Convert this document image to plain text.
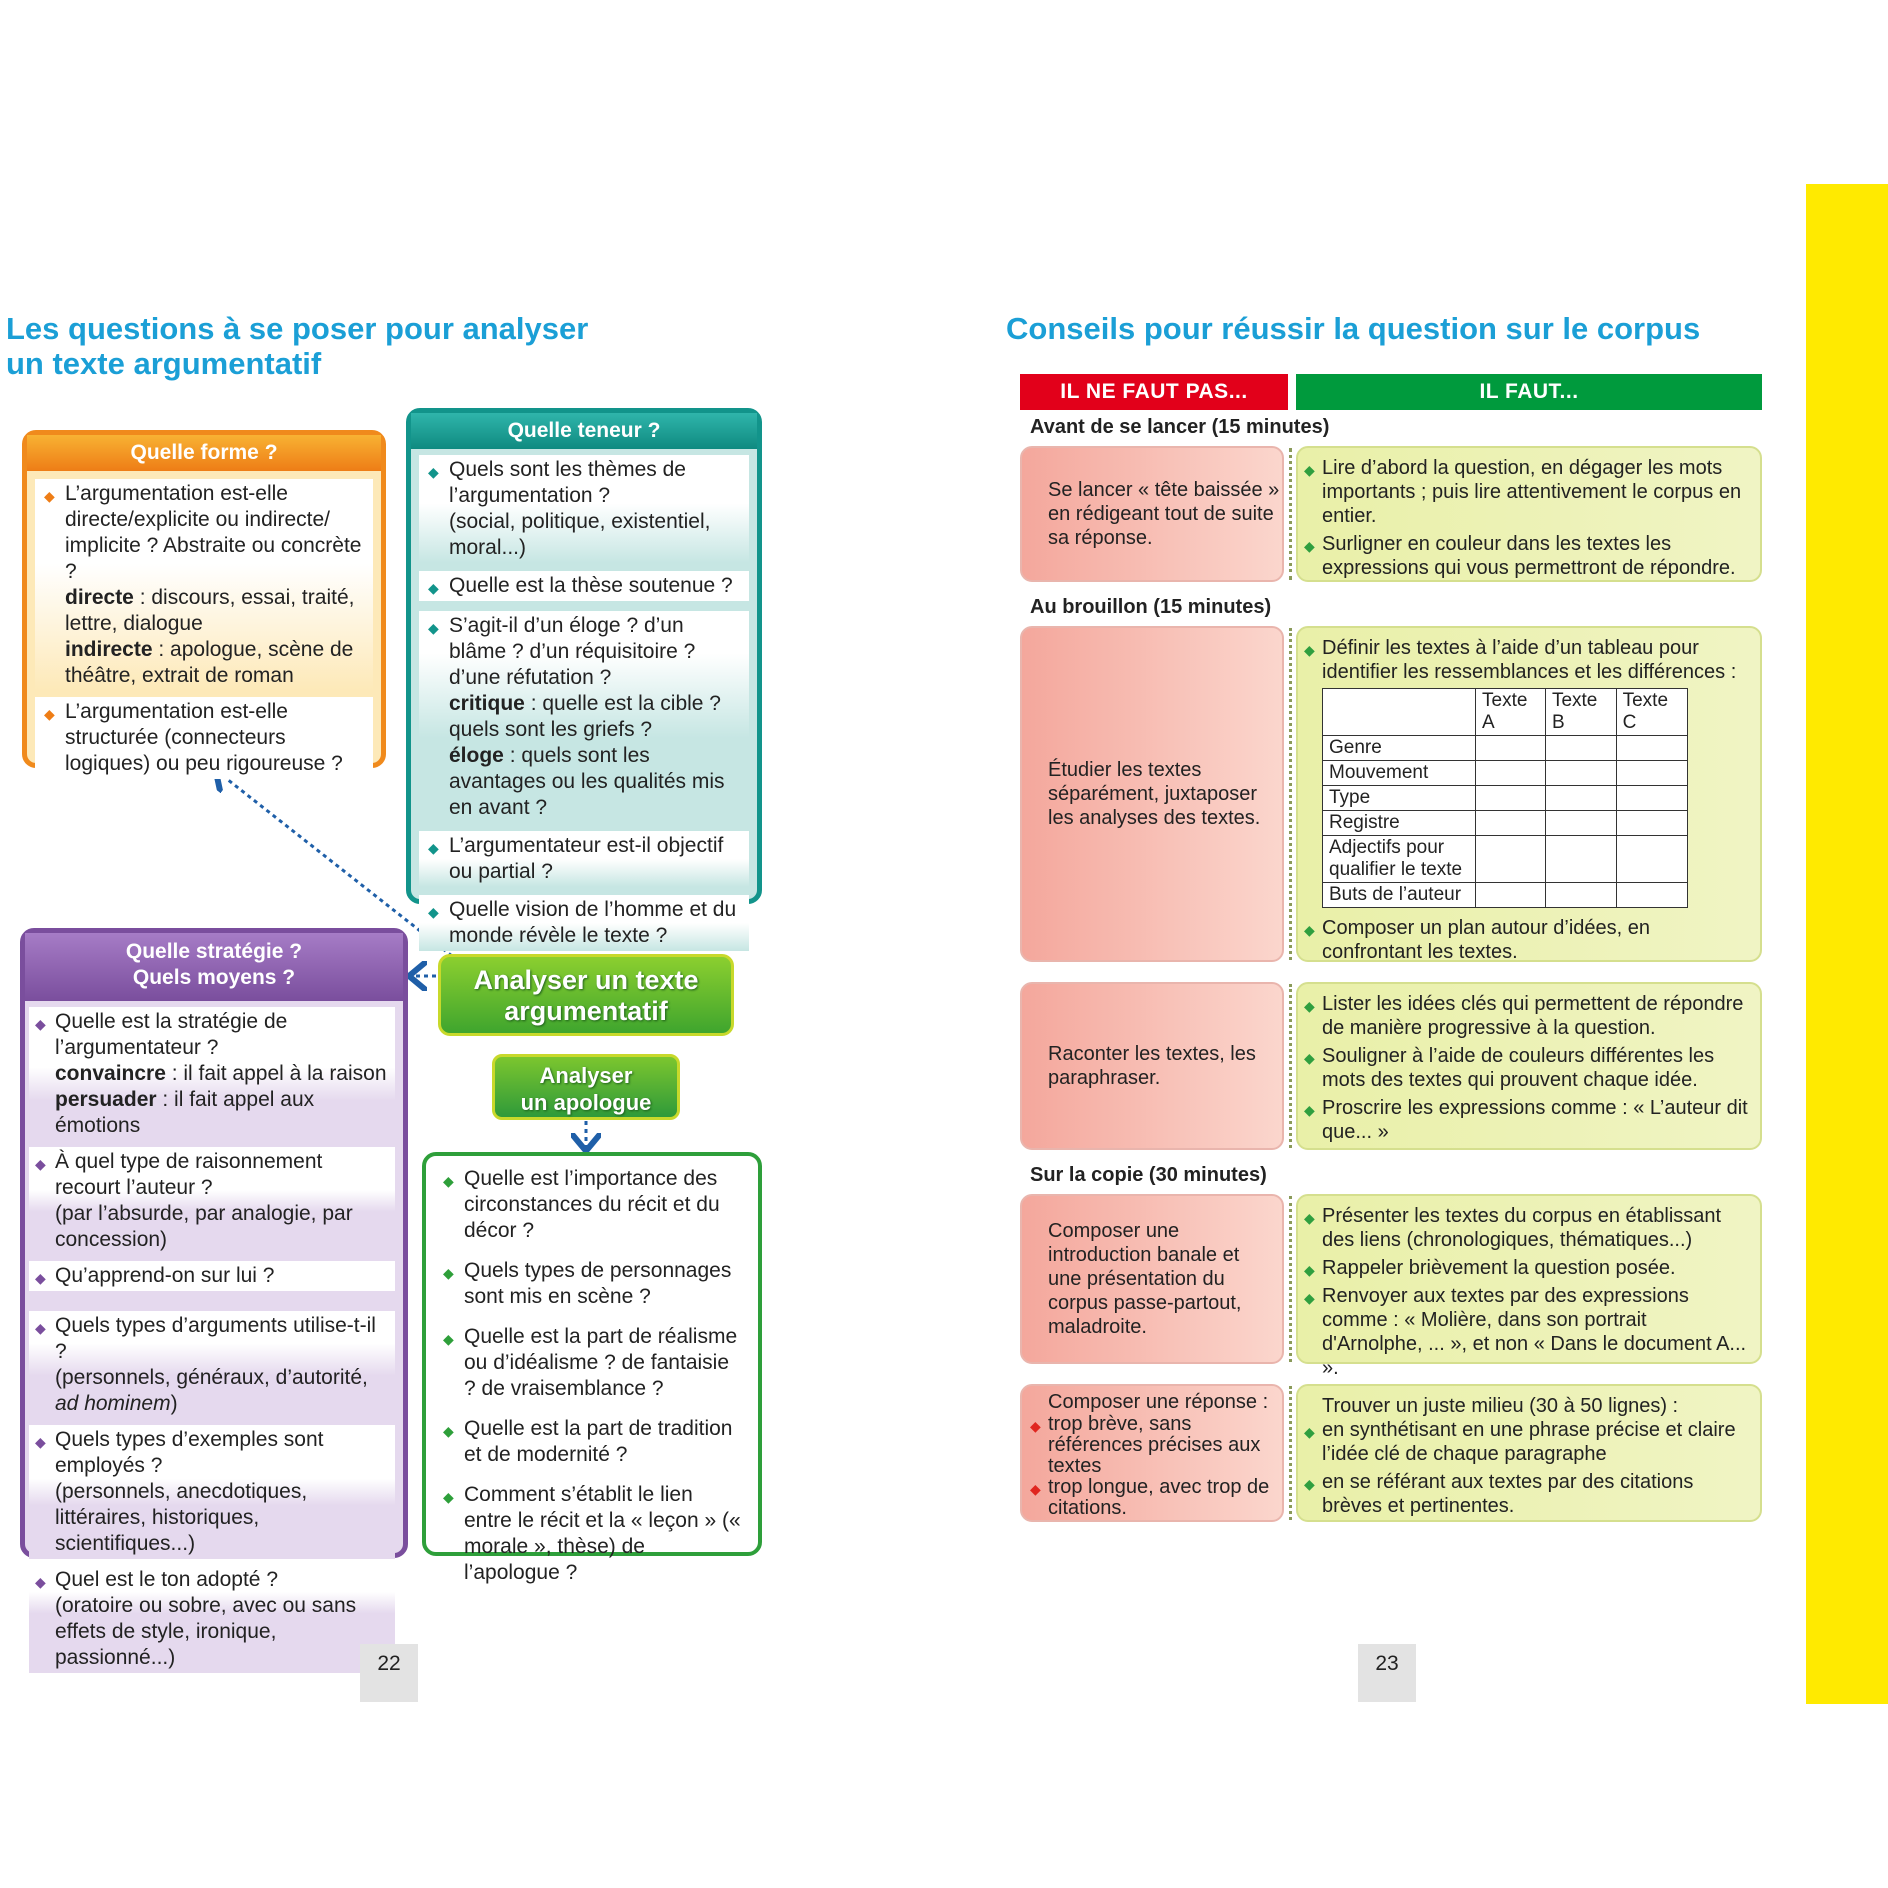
Les questions à se poser pour analyser
un texte argumentatif
Quelle forme ?
◆ L’argumentation est-elle directe/explicite ou indirecte/ implicite ? Abstraite ou concrète ?
directe : discours, essai, traité, lettre, dialogue
indirecte : apologue, scène de théâtre, extrait de roman
◆ L’argumentation est-elle structurée (connecteurs logiques) ou peu rigoureuse ?
Quelle teneur ?
◆ Quels sont les thèmes de l’argumentation ?
(social, politique, existentiel, moral...)
◆ Quelle est la thèse soutenue ?
◆ S’agit-il d’un éloge ? d’un blâme ? d’un réquisitoire ? d’une réfutation ?
critique : quelle est la cible ? quels sont les griefs ?
éloge : quels sont les avantages ou les qualités mis en avant ?
◆ L’argumentateur est-il objectif ou partial ?
◆ Quelle vision de l’homme et du monde révèle le texte ?
Quelle stratégie ?
Quels moyens ?
◆ Quelle est la stratégie de l’argumentateur ?
convaincre : il fait appel à la raison
persuader : il fait appel aux émotions
◆ À quel type de raisonnement recourt l’auteur ?
(par l’absurde, par analogie, par concession)
◆ Qu’apprend-on sur lui ?
◆ Quels types d’arguments utilise-t-il ?
(personnels, généraux, d’autorité,
ad hominem)
◆ Quels types d’exemples sont employés ?
(personnels, anecdotiques, littéraires, historiques, scientifiques...)
◆ Quel est le ton adopté ?
(oratoire ou sobre, avec ou sans effets de style, ironique, passionné...)
Analyser un texte
argumentatif
Analyser
un apologue
◆ Quelle est l’importance des circonstances du récit et du décor ?
◆ Quels types de personnages sont mis en scène ?
◆ Quelle est la part de réalisme ou d’idéalisme ? de fantaisie ? de vraisemblance ?
◆ Quelle est la part de tradition et de modernité ?
◆ Comment s’établit le lien entre le récit et la « leçon » (« morale », thèse) de l’apologue ?
22
Conseils pour réussir la question sur le corpus
IL NE FAUT PAS...	IL FAUT...
Avant de se lancer (15 minutes)
Se lancer « tête baissée » en rédigeant tout de suite sa réponse.
◆ Lire d’abord la question, en dégager les mots importants ; puis lire attentivement le corpus en entier.
◆ Surligner en couleur dans les textes les expressions qui vous permettront de répondre.
Au brouillon (15 minutes)
Étudier les textes séparément, juxtaposer les analyses des textes.
◆ Définir les textes à l’aide d’un tableau pour identifier les ressemblances et les différences :
	Texte A	Texte B	Texte C
Genre			
Mouvement			
Type			
Registre			
Adjectifs pour qualifier le texte			
Buts de l’auteur			
◆ Composer un plan autour d’idées, en confrontant les textes.
Raconter les textes, les paraphraser.
◆ Lister les idées clés qui permettent de répondre de manière progressive à la question.
◆ Souligner à l’aide de couleurs différentes les mots des textes qui prouvent chaque idée.
◆ Proscrire les expressions comme : « L’auteur dit que... »
Sur la copie (30 minutes)
Composer une introduction banale et une présentation du corpus passe-partout, maladroite.
◆ Présenter les textes du corpus en établissant des liens (chronologiques, thématiques...)
◆ Rappeler brièvement la question posée.
◆ Renvoyer aux textes par des expressions comme : « Molière, dans son portrait d'Arnolphe, ... », et non « Dans le document A... ».
Composer une réponse :
◆ trop brève, sans références précises aux textes
◆ trop longue, avec trop de citations.
Trouver un juste milieu (30 à 50 lignes) :
◆ en synthétisant en une phrase précise et claire l’idée clé de chaque paragraphe
◆ en se référant aux textes par des citations brèves et pertinentes.
23
